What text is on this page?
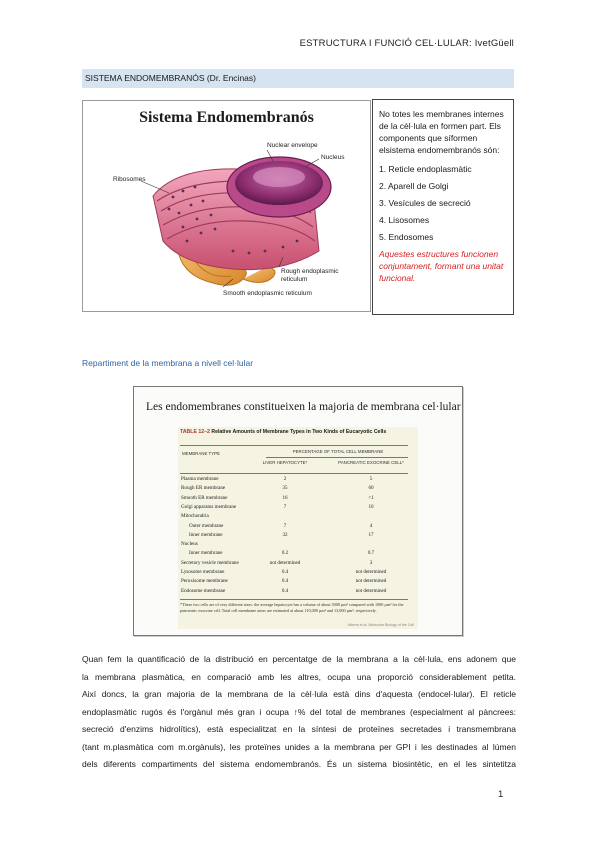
ESTRUCTURA I FUNCIÓ CEL·LULAR: IvetGüell
SISTEMA ENDOMEMBRANÓS (Dr. Encinas)
Sistema Endomembranós
Nuclear envelope
Nucleus
Ribosomes
Rough endoplasmic
reticulum
Smooth endoplasmic reticulum
No totes les membranes internes de la cèl·lula en formen part. Els components que síformen elsistema endomembranós són:
1. Reticle endoplasmàtic
2. Aparell de Golgi
3. Vesícules de secreció
4. Lisosomes
5. Endosomes
Aquestes estructures funcionen conjuntament, formant una unitat funcional.
Repartiment de la membrana a nivell cel·lular
Les endomembranes constitueixen la majoria de membrana cel·lular
TABLE 12–2 Relative Amounts of Membrane Types in Two Kinds of Eucaryotic Cells
MEMBRANE TYPE	PERCENTAGE OF TOTAL CELL MEMBRANE
LIVER HEPATOCYTE*	PANCREATIC EXOCRINE CELL*
Plasma membrane	2	5
Rough ER membrane	35	60
Smooth ER membrane	16	<1
Golgi apparatus membrane	7	10
Mitochondria
Outer membrane	7	4
Inner membrane	32	17
Nucleus
Inner membrane	0.2	0.7
Secretory vesicle membrane	not determined	3
Lysosome membrane	0.4	not determined
Peroxisome membrane	0.4	not determined
Endosome membrane	0.4	not determined
*These two cells are of very different sizes: the average hepatocyte has a volume of about 5000 µm³ compared with 1000 µm³ for the pancreatic exocrine cell. Total cell membrane areas are estimated at about 110,000 µm² and 13,000 µm², respectively.
Alberts et al. Molecular Biology of the Cell
Quan fem la quantificació de la distribució en percentatge de la membrana a la cèl·lula, ens adonem que
la membrana plasmàtica, en comparació amb les altres, ocupa una proporció considerablement petita.
Així doncs, la gran majoria de la membrana de la cèl·lula està dins d'aquesta (endocel·lular). El reticle
endoplasmàtic rugós és l'orgànul més gran i ocupa ↑% del total de membranes (especialment al pàncrees:
secreció d'enzims hidrolítics), està especialitzat en la síntesi de proteïnes secretades i transmembrana
(tant m.plasmàtica com m.orgànuls), les proteïnes unides a la membrana per GPI i les destinades al lúmen
dels diferents compartiments del sistema endomembranós. És un sistema biosintètic, en el les sintetitza
1
